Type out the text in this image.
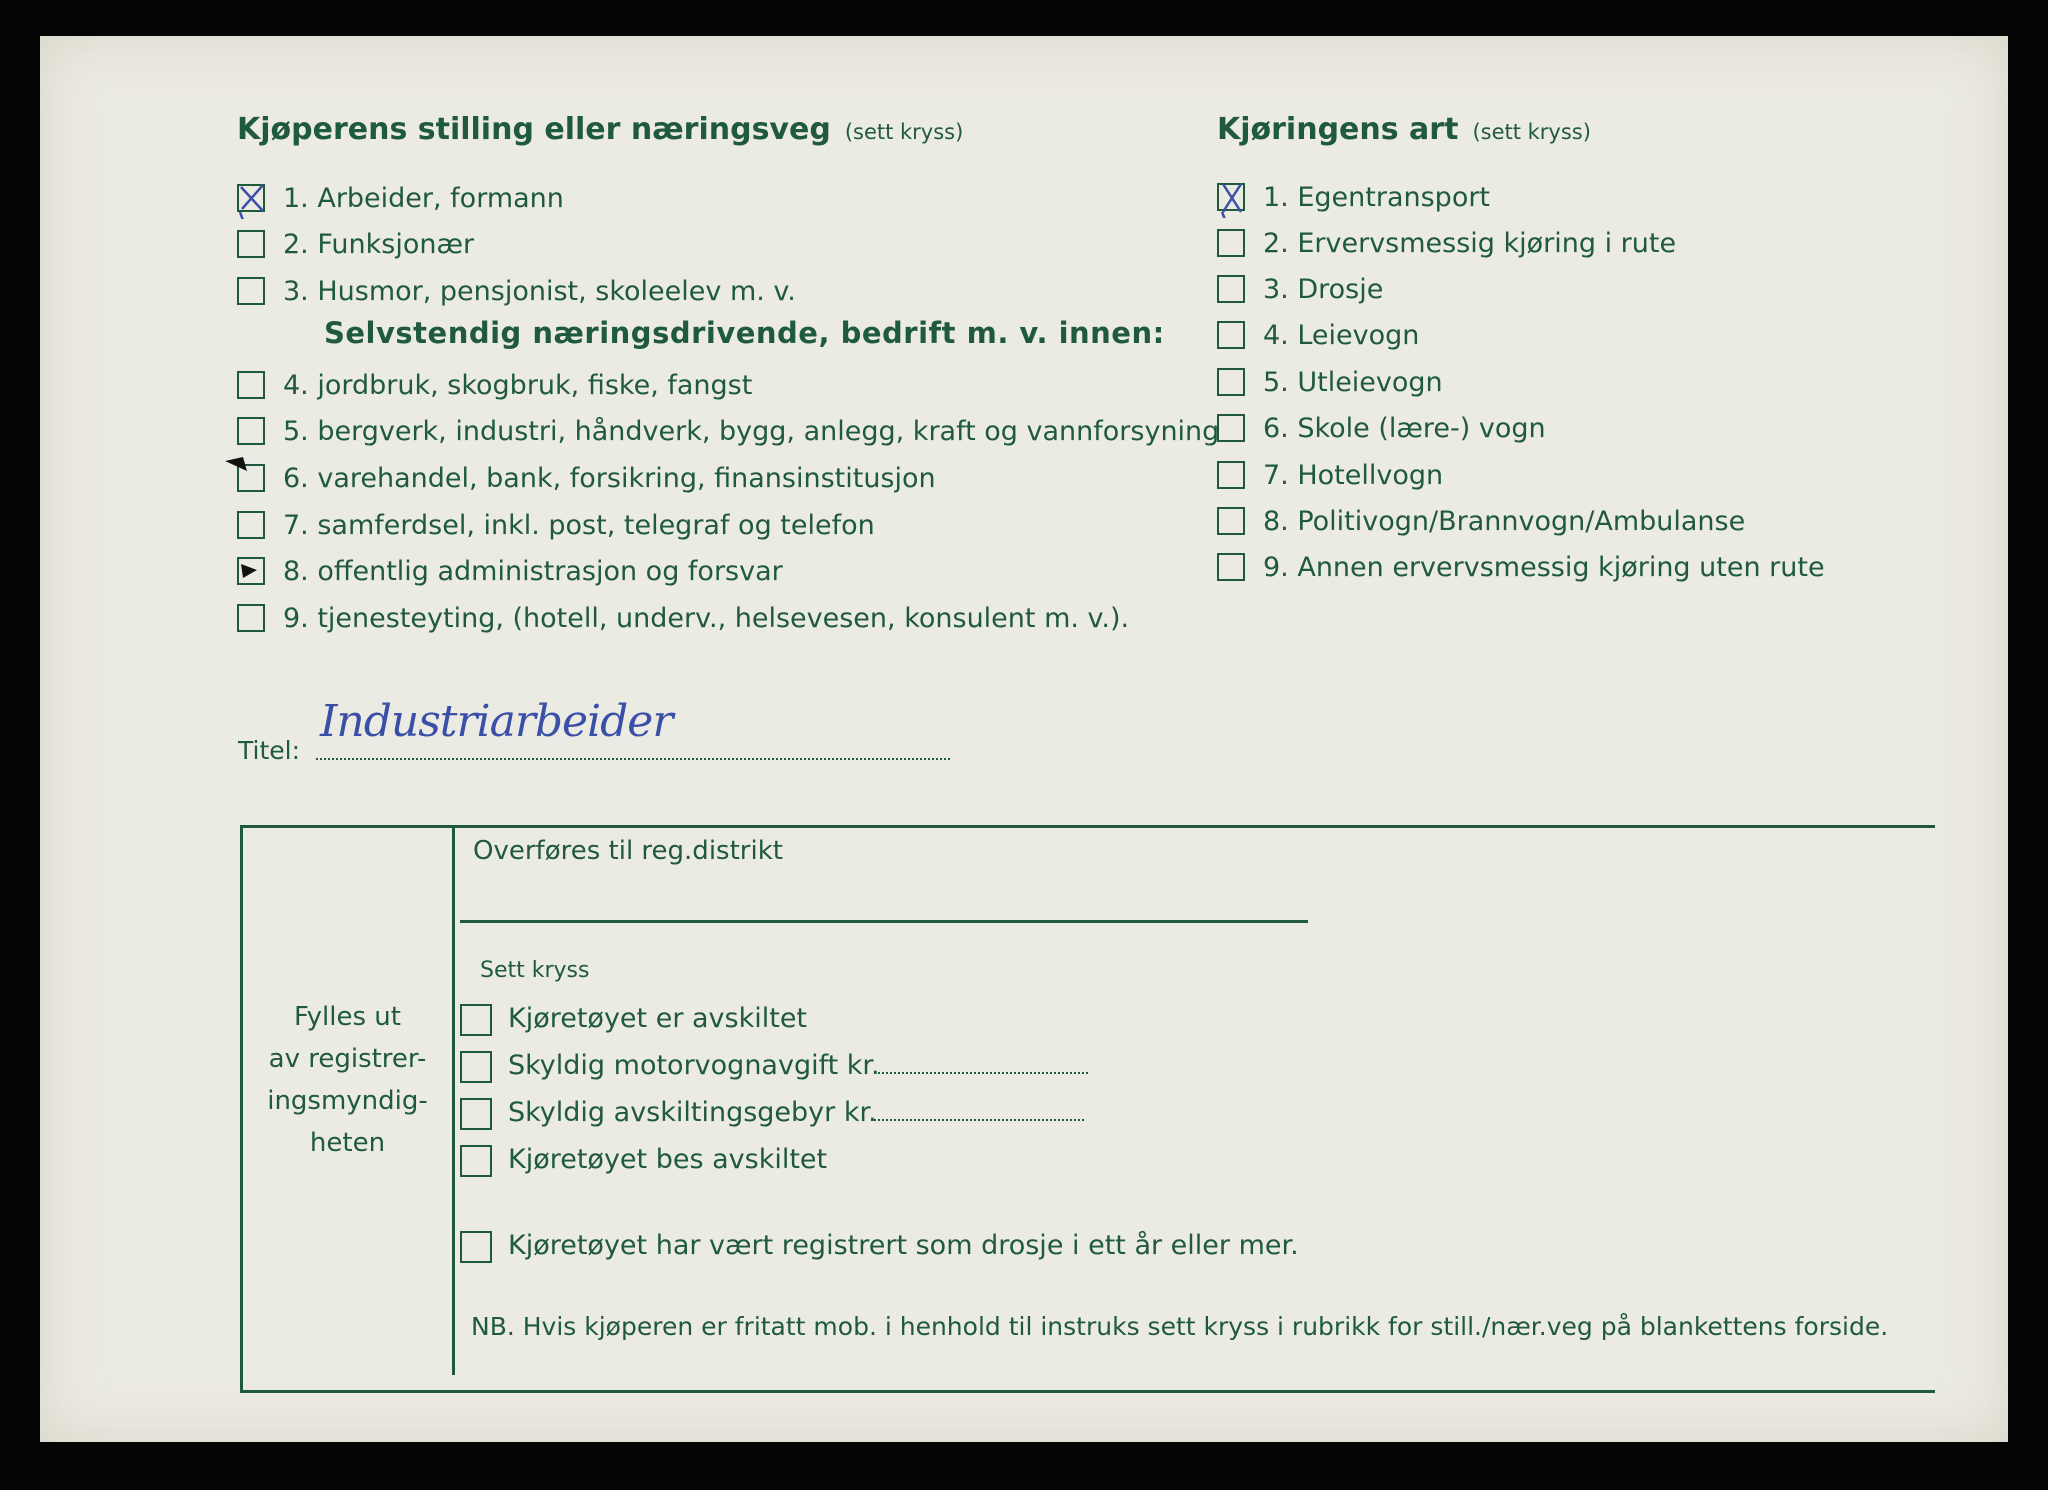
Kjøperens stilling eller næringsveg (sett kryss)
1. Arbeider, formann
2. Funksjonær
3. Husmor, pensjonist, skoleelev m. v.
Selvstendig næringsdrivende, bedrift m. v. innen:
4. jordbruk, skogbruk, fiske, fangst
5. bergverk, industri, håndverk, bygg, anlegg, kraft og vannforsyning
6. varehandel, bank, forsikring, finansinstitusjon
7. samferdsel, inkl. post, telegraf og telefon
8. offentlig administrasjon og forsvar
9. tjenesteyting, (hotell, underv., helsevesen, konsulent m. v.).
Kjøringens art (sett kryss)
1. Egentransport
2. Ervervsmessig kjøring i rute
3. Drosje
4. Leievogn
5. Utleievogn
6. Skole (lære-) vogn
7. Hotellvogn
8. Politivogn/Brannvogn/Ambulanse
9. Annen ervervsmessig kjøring uten rute
Titel:
Industriarbeider
Fylles ut
av registrer-
ingsmyndig-
heten
Overføres til reg.distrikt
Sett kryss
Kjøretøyet er avskiltet
Skyldig motorvognavgift kr.
Skyldig avskiltingsgebyr kr.
Kjøretøyet bes avskiltet
Kjøretøyet har vært registrert som drosje i ett år eller mer.
NB. Hvis kjøperen er fritatt mob. i henhold til instruks sett kryss i rubrikk for still./nær.veg på blankettens forside.
